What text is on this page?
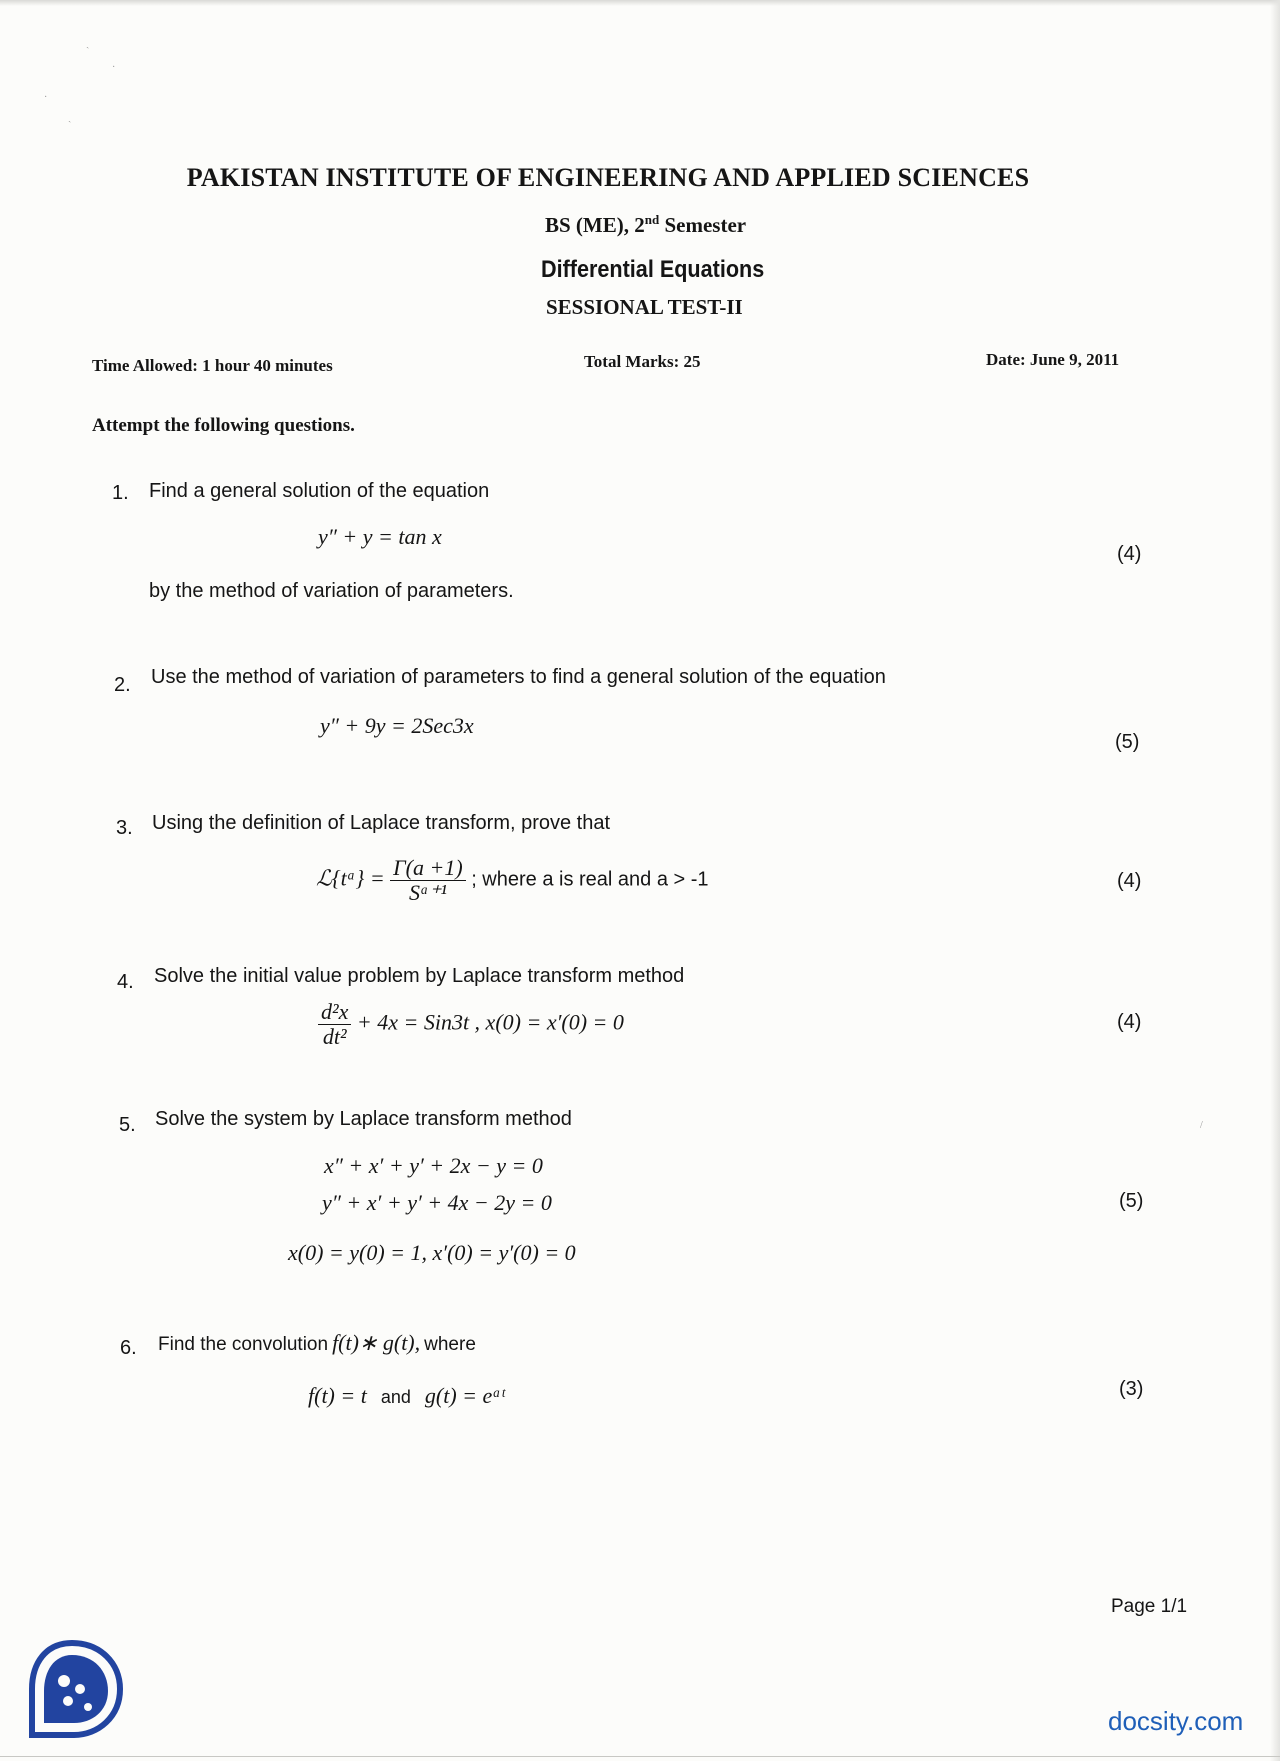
ˎ
·
·
ˏ
/
PAKISTAN INSTITUTE OF ENGINEERING AND APPLIED SCIENCES
BS (ME), 2nd Semester
Differential Equations
SESSIONAL TEST-II
Time Allowed: 1 hour 40 minutes	Total Marks: 25	Date: June 9, 2011
Attempt the following questions.
1. Find a general solution of the equation
y″ + y = tan x
by the method of variation of parameters.
(4)
2. Use the method of variation of parameters to find a general solution of the equation
y″ + 9y = 2Sec3x
(5)
3. Using the definition of Laplace transform, prove that
ℒ{tᵃ} = $\frac{\Gamma(a +1)}{\text{Sᵃ⁺¹}}$ ; where a is real and a > -1	(4)
4. Solve the initial value problem by Laplace transform method
$\frac{\text{d²x}}{\text{dt²}} + 4x = Sin3t$ , x(0) = x′(0) = 0	(4)
5. Solve the system by Laplace transform method
x″ + x′ + y′ + 2x − y = 0
y″ + x′ + y′ + 4x − 2y = 0
x(0) = y(0) = 1, x′(0) = y′(0) = 0
(5)
6. Find the convolution f(t)∗ g(t), where
f(t) = t and g(t) = eᵃᵗ	(3)
Page 1/1
docsity.com
